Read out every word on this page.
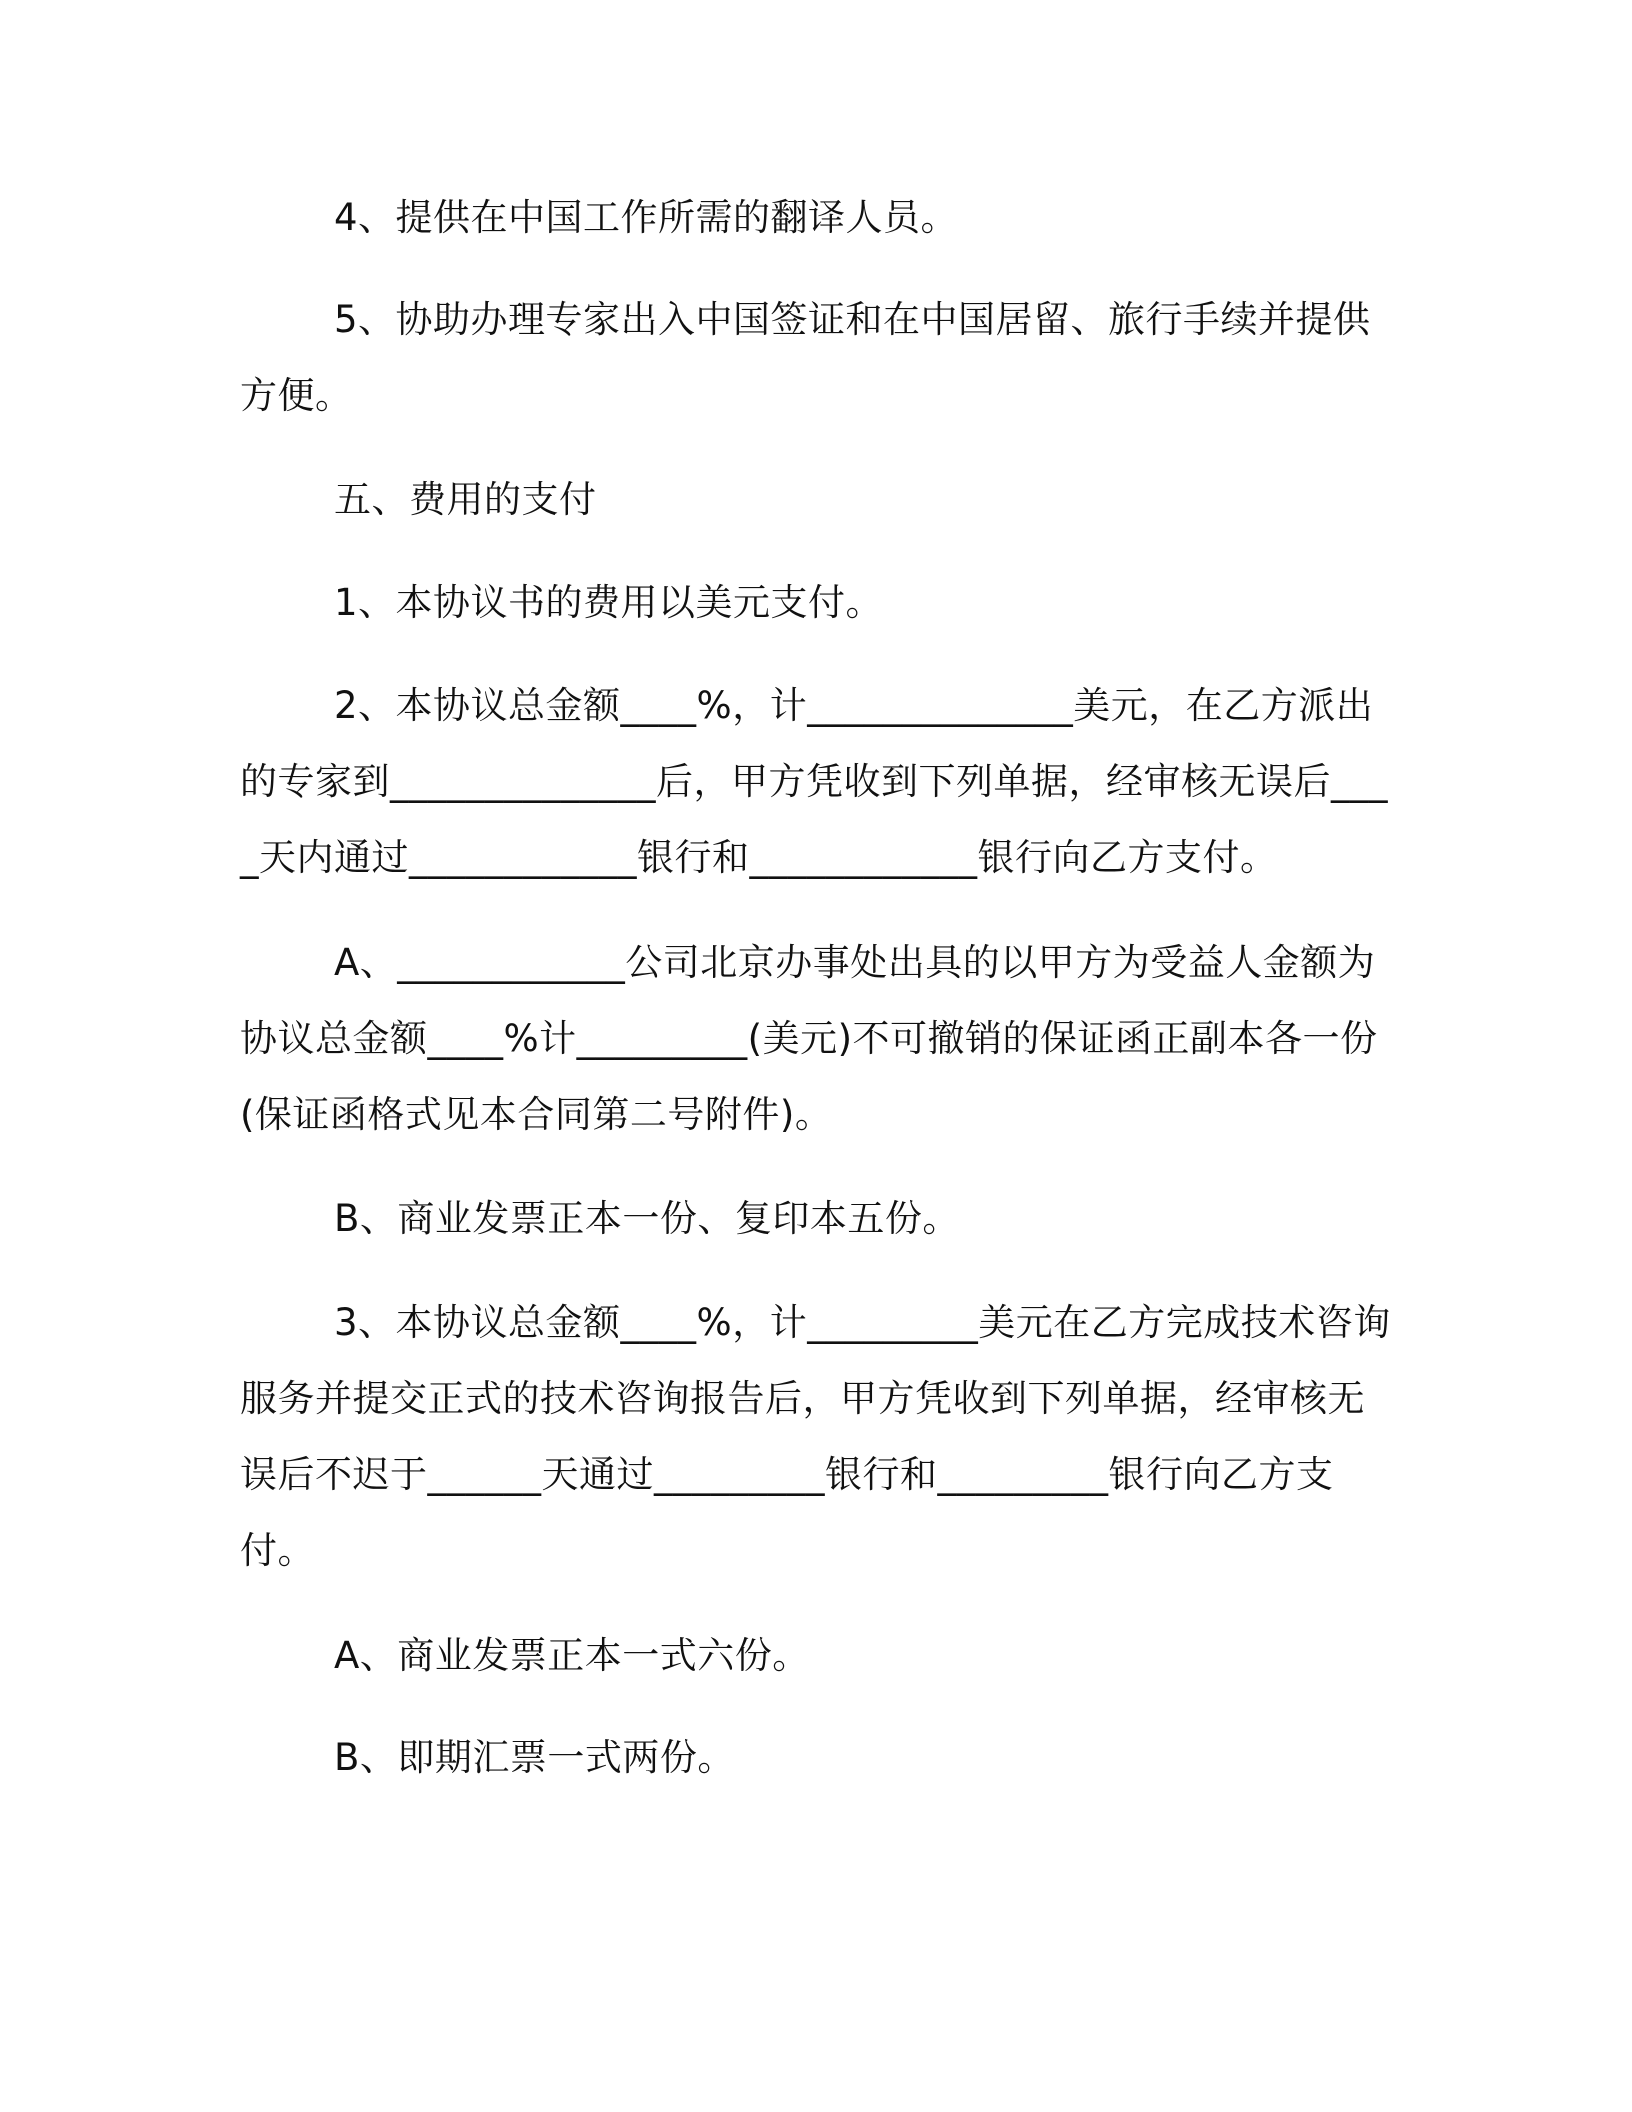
4、提供在中国工作所需的翻译人员。

5、协助办理专家出入中国签证和在中国居留、旅行手续并提供方便。

五、费用的支付

1、本协议书的费用以美元支付。

2、本协议总金额____%，计______________美元，在乙方派出的专家到______________后，甲方凭收到下列单据，经审核无误后____天内通过____________银行和____________银行向乙方支付。

A、____________公司北京办事处出具的以甲方为受益人金额为协议总金额____%计_________(美元)不可撤销的保证函正副本各一份(保证函格式见本合同第二号附件)。

B、商业发票正本一份、复印本五份。

3、本协议总金额____%，计_________美元在乙方完成技术咨询服务并提交正式的技术咨询报告后，甲方凭收到下列单据，经审核无误后不迟于______天通过_________银行和_________银行向乙方支付。

A、商业发票正本一式六份。

B、即期汇票一式两份。
